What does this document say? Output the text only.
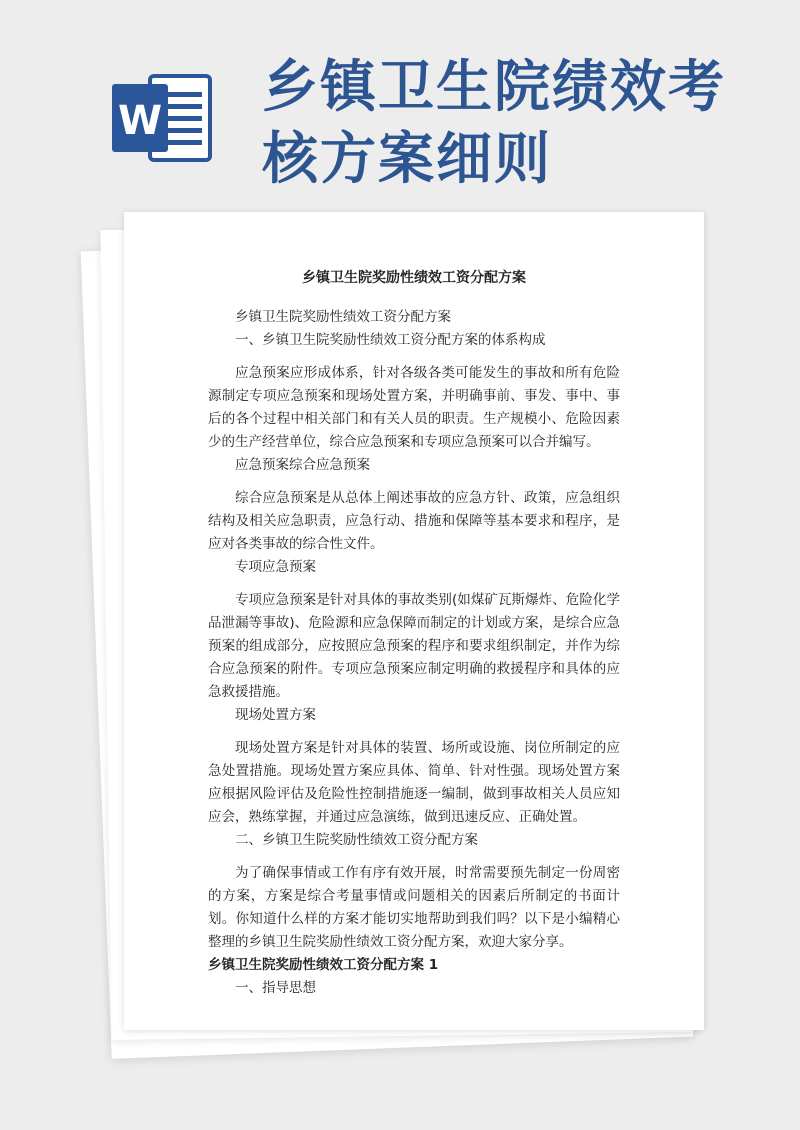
W
乡镇卫生院绩效考核方案细则
乡镇卫生院奖励性绩效工资分配方案

乡镇卫生院奖励性绩效工资分配方案

一、乡镇卫生院奖励性绩效工资分配方案的体系构成

应急预案应形成体系，针对各级各类可能发生的事故和所有危险源制定专项应急预案和现场处置方案，并明确事前、事发、事中、事后的各个过程中相关部门和有关人员的职责。生产规模小、危险因素少的生产经营单位，综合应急预案和专项应急预案可以合并编写。

应急预案综合应急预案

综合应急预案是从总体上阐述事故的应急方针、政策，应急组织结构及相关应急职责，应急行动、措施和保障等基本要求和程序，是应对各类事故的综合性文件。

专项应急预案

专项应急预案是针对具体的事故类别(如煤矿瓦斯爆炸、危险化学品泄漏等事故)、危险源和应急保障而制定的计划或方案，是综合应急预案的组成部分，应按照应急预案的程序和要求组织制定，并作为综合应急预案的附件。专项应急预案应制定明确的救援程序和具体的应急救援措施。

现场处置方案

现场处置方案是针对具体的装置、场所或设施、岗位所制定的应急处置措施。现场处置方案应具体、简单、针对性强。现场处置方案应根据风险评估及危险性控制措施逐一编制，做到事故相关人员应知应会，熟练掌握，并通过应急演练，做到迅速反应、正确处置。

二、乡镇卫生院奖励性绩效工资分配方案

为了确保事情或工作有序有效开展，时常需要预先制定一份周密的方案，方案是综合考量事情或问题相关的因素后所制定的书面计划。你知道什么样的方案才能切实地帮助到我们吗？以下是小编精心整理的乡镇卫生院奖励性绩效工资分配方案，欢迎大家分享。

乡镇卫生院奖励性绩效工资分配方案 1

一、指导思想
